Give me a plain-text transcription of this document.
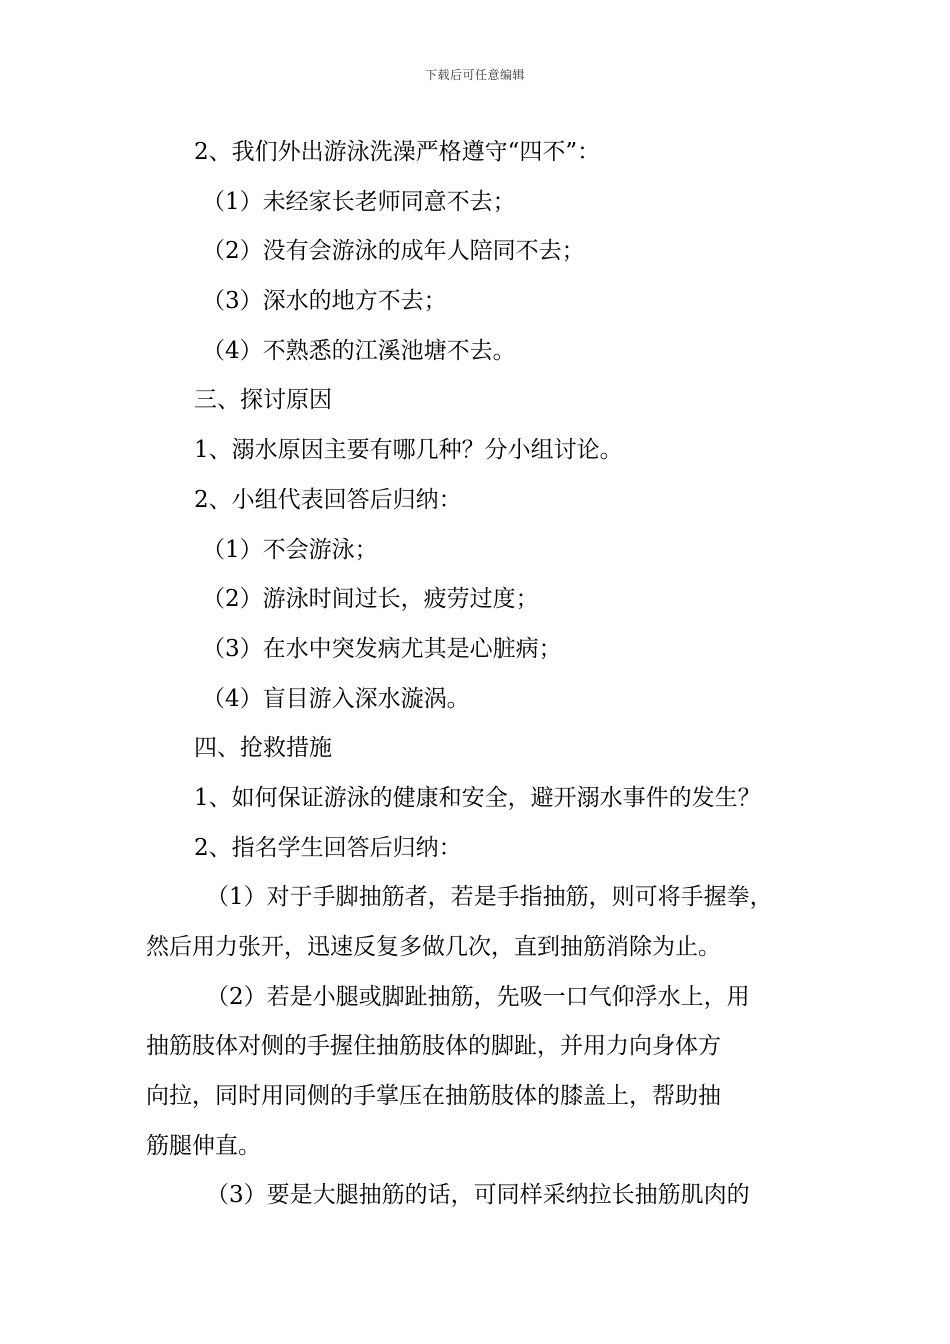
下载后可任意编辑
2、我们外出游泳洗澡严格遵守“四不”：
（1）未经家长老师同意不去；
（2）没有会游泳的成年人陪同不去；
（3）深水的地方不去；
（4）不熟悉的江溪池塘不去。
三、探讨原因
1、溺水原因主要有哪几种？分小组讨论。
2、小组代表回答后归纳：
（1）不会游泳；
（2）游泳时间过长，疲劳过度；
（3）在水中突发病尤其是心脏病；
（4）盲目游入深水漩涡。
四、抢救措施
1、如何保证游泳的健康和安全，避开溺水事件的发生？
2、指名学生回答后归纳：
（1）对于手脚抽筋者，若是手指抽筋，则可将手握拳，
然后用力张开，迅速反复多做几次，直到抽筋消除为止。
（2）若是小腿或脚趾抽筋，先吸一口气仰浮水上，用
抽筋肢体对侧的手握住抽筋肢体的脚趾，并用力向身体方
向拉，同时用同侧的手掌压在抽筋肢体的膝盖上，帮助抽
筋腿伸直。
（3）要是大腿抽筋的话，可同样采纳拉长抽筋肌肉的
